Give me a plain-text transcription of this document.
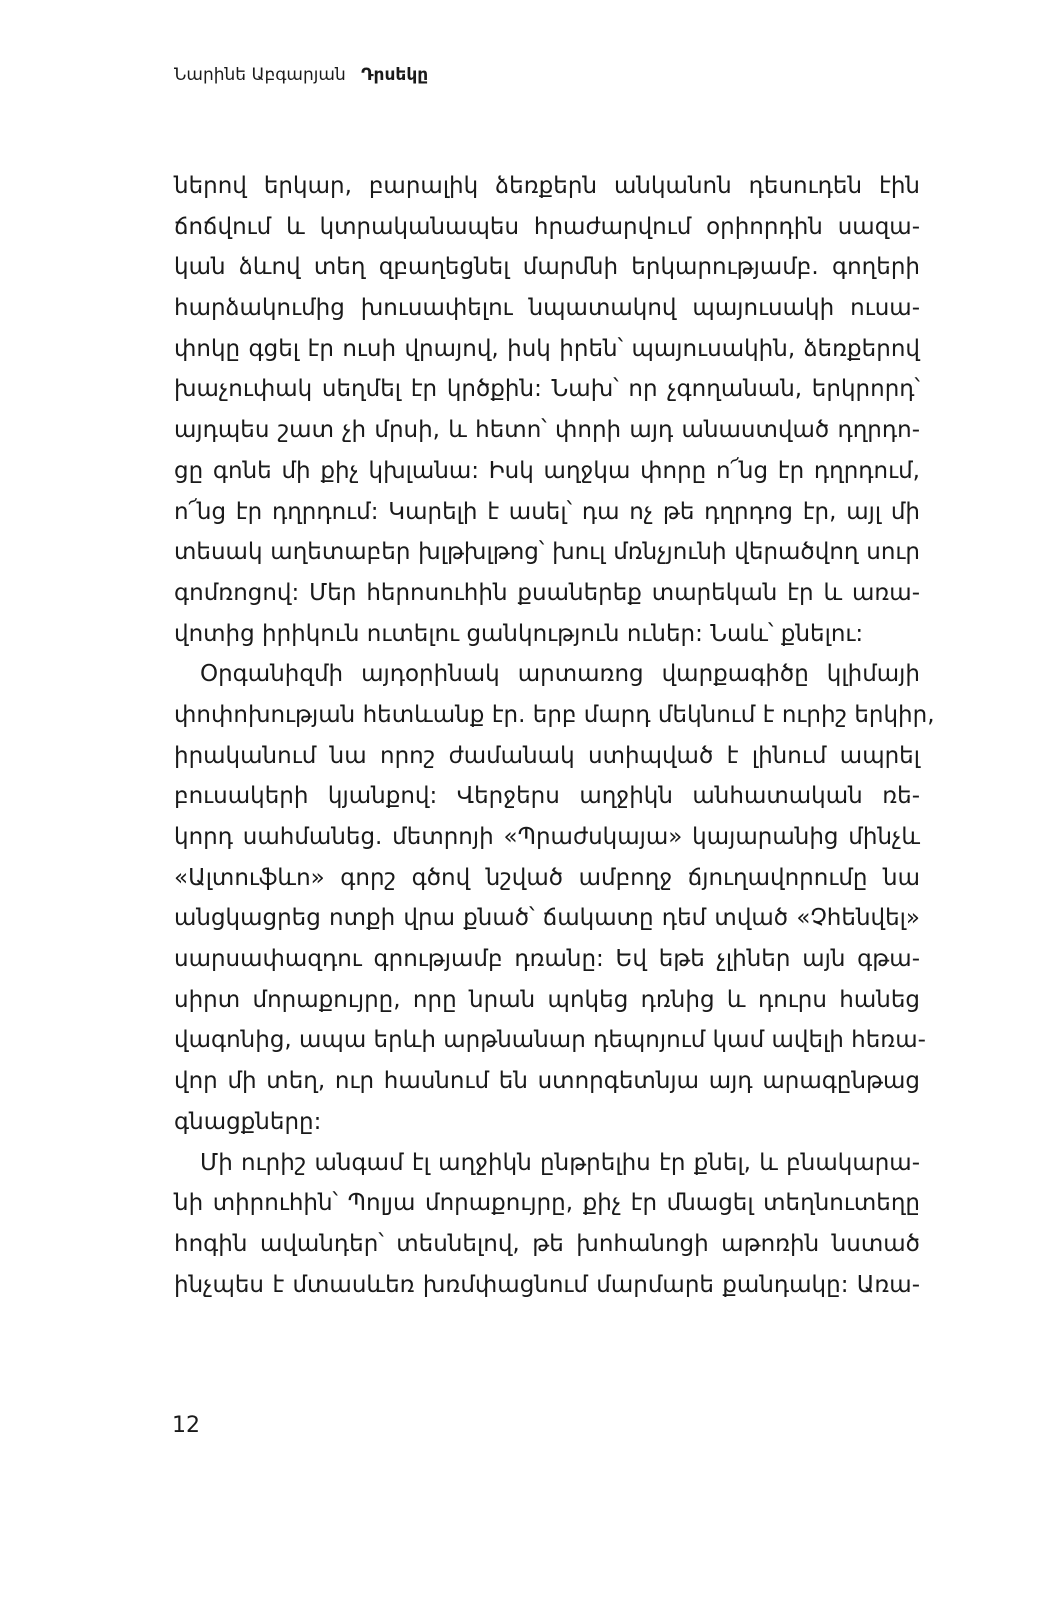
Նարինե Աբգարյան Դրսեկը
ներով երկար, բարալիկ ձեռքերն անկանոն դեսուդեն էին
ճոճվում և կտրականապես հրաժարվում օրիորդին սազա-
կան ձևով տեղ զբաղեցնել մարմնի երկարությամբ. գողերի
հարձակումից խուսափելու նպատակով պայուսակի ուսա-
փոկը գցել էր ուսի վրայով, իսկ իրեն՝ պայուսակին, ձեռքերով
խաչուփակ սեղմել էր կրծքին: Նախ՝ որ չգողանան, երկրորդ՝
այդպես շատ չի մրսի, և հետո՝ փորի այդ անաստված դղրդո-
ցը գոնե մի քիչ կխլանա: Իսկ աղջկա փորը ո՜նց էր դղրդում,
ո՜նց էր դղրդում: Կարելի է ասել՝ դա ոչ թե դղրդոց էր, այլ մի
տեսակ աղետաբեր խլթխլթոց՝ խուլ մռնչյունի վերածվող սուր
գոմռոցով: Մեր հերոսուհին քսաներեք տարեկան էր և առա-
վոտից իրիկուն ուտելու ցանկություն ուներ: Նաև՝ քնելու:
Օրգանիզմի այդօրինակ արտառոց վարքագիծը կլիմայի
փոփոխության հետևանք էր. երբ մարդ մեկնում է ուրիշ երկիր,
իրականում նա որոշ ժամանակ ստիպված է լինում ապրել
բուսակերի կյանքով: Վերջերս աղջիկն անհատական ռե-
կորդ սահմանեց. մետրոյի «Պրաժսկայա» կայարանից մինչև
«Ալտուֆևո» գորշ գծով նշված ամբողջ ճյուղավորումը նա
անցկացրեց ոտքի վրա քնած՝ ճակատը դեմ տված «Չհենվել»
սարսափազդու գրությամբ դռանը: Եվ եթե չլիներ այն գթա-
սիրտ մորաքույրը, որը նրան պոկեց դռնից և դուրս հանեց
վագոնից, ապա երևի արթնանար դեպոյում կամ ավելի հեռա-
վոր մի տեղ, ուր հասնում են ստորգետնյա այդ արագընթաց
գնացքները:
Մի ուրիշ անգամ էլ աղջիկն ընթրելիս էր քնել, և բնակարա-
նի տիրուհին՝ Պոլյա մորաքույրը, քիչ էր մնացել տեղնուտեղը
հոգին ավանդեր՝ տեսնելով, թե խոհանոցի աթոռին նստած
ինչպես է մտասևեռ խռմփացնում մարմարե քանդակը: Առա-
12
